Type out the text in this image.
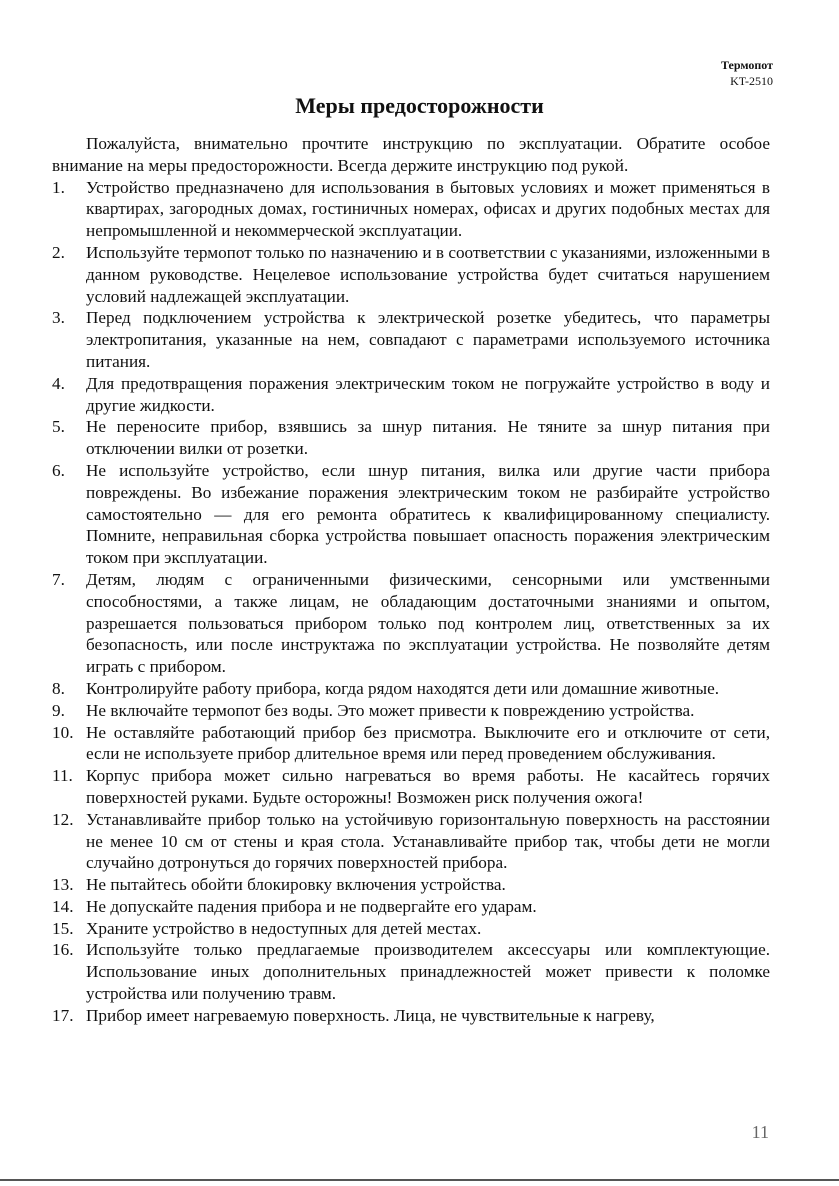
Термопот
KT-2510
Меры предосторожности

Пожалуйста, внимательно прочтите инструкцию по эксплуатации. Обратите особое внимание на меры предосторожности. Всегда держите инструкцию под рукой.

1.	Устройство предназначено для использования в бытовых условиях и может применяться в квартирах, загородных домах, гостиничных номерах, офисах и других подобных местах для непромышленной и некоммерческой эксплуатации.
2.	Используйте термопот только по назначению и в соответствии с указаниями, изложенными в данном руководстве. Нецелевое использование устройства будет считаться нарушением условий надлежащей эксплуатации.
3.	Перед подключением устройства к электрической розетке убедитесь, что параметры электропитания, указанные на нем, совпадают с параметрами используемого источника питания.
4.	Для предотвращения поражения электрическим током не погружайте устройство в воду и другие жидкости.
5.	Не переносите прибор, взявшись за шнур питания. Не тяните за шнур питания при отключении вилки от розетки.
6.	Не используйте устройство, если шнур питания, вилка или другие части прибора повреждены. Во избежание поражения электрическим током не разбирайте устройство самостоятельно — для его ремонта обратитесь к квалифицированному специалисту. Помните, неправильная сборка устройства повышает опасность поражения электрическим током при эксплуатации.
7.	Детям, людям с ограниченными физическими, сенсорными или умственными способностями, а также лицам, не обладающим достаточными знаниями и опытом, разрешается пользоваться прибором только под контролем лиц, ответственных за их безопасность, или после инструктажа по эксплуатации устройства. Не позволяйте детям играть с прибором.
8.	Контролируйте работу прибора, когда рядом находятся дети или домашние животные.
9.	Не включайте термопот без воды. Это может привести к повреждению устройства.
10. Не оставляйте работающий прибор без присмотра. Выключите его и отключите от сети, если не используете прибор длительное время или перед проведением обслуживания.
11. Корпус прибора может сильно нагреваться во время работы. Не касайтесь горячих поверхностей руками. Будьте осторожны! Возможен риск получения ожога!
12. Устанавливайте прибор только на устойчивую горизонтальную поверхность на расстоянии не менее 10 см от стены и края стола. Устанавливайте прибор так, чтобы дети не могли случайно дотронуться до горячих поверхностей прибора.
13. Не пытайтесь обойти блокировку включения устройства.
14. Не допускайте падения прибора и не подвергайте его ударам.
15. Храните устройство в недоступных для детей местах.
16. Используйте только предлагаемые производителем аксессуары или комплектующие. Использование иных дополнительных принадлежностей может привести к поломке устройства или получению травм.
17. Прибор имеет нагреваемую поверхность. Лица, не чувствительные к нагреву,
11
